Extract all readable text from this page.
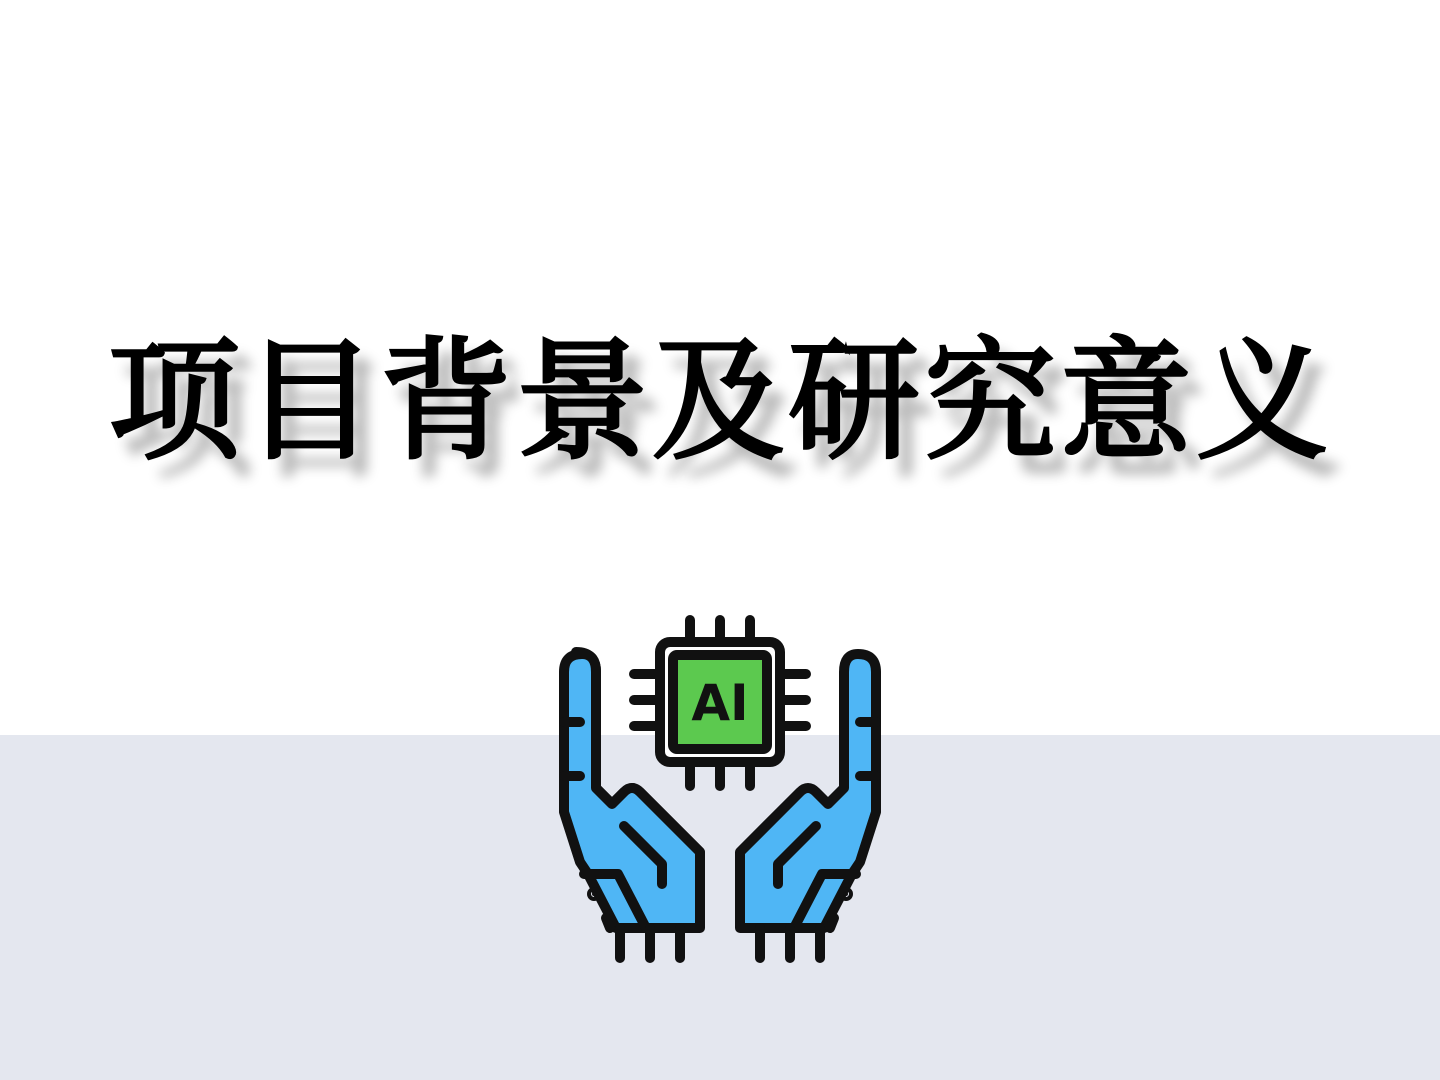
项目背景及研究意义
AI
